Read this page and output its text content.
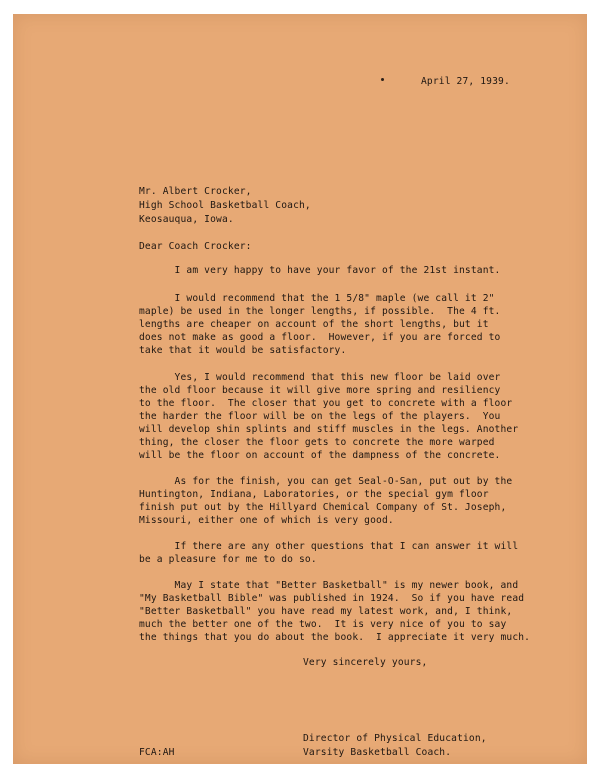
April 27, 1939.
Mr. Albert Crocker,
High School Basketball Coach,
Keosauqua, Iowa.
Dear Coach Crocker:
I am very happy to have your favor of the 21st instant.
I would recommend that the 1 5/8" maple (we call it 2"
maple) be used in the longer lengths, if possible.  The 4 ft.
lengths are cheaper on account of the short lengths, but it
does not make as good a floor.  However, if you are forced to
take that it would be satisfactory.
Yes, I would recommend that this new floor be laid over
the old floor because it will give more spring and resiliency
to the floor.  The closer that you get to concrete with a floor
the harder the floor will be on the legs of the players.  You
will develop shin splints and stiff muscles in the legs. Another
thing, the closer the floor gets to concrete the more warped
will be the floor on account of the dampness of the concrete.
As for the finish, you can get Seal-O-San, put out by the
Huntington, Indiana, Laboratories, or the special gym floor
finish put out by the Hillyard Chemical Company of St. Joseph,
Missouri, either one of which is very good.
If there are any other questions that I can answer it will
be a pleasure for me to do so.
May I state that "Better Basketball" is my newer book, and
"My Basketball Bible" was published in 1924.  So if you have read
"Better Basketball" you have read my latest work, and, I think,
much the better one of the two.  It is very nice of you to say
the things that you do about the book.  I appreciate it very much.
Very sincerely yours,
Director of Physical Education,
Varsity Basketball Coach.
FCA:AH
